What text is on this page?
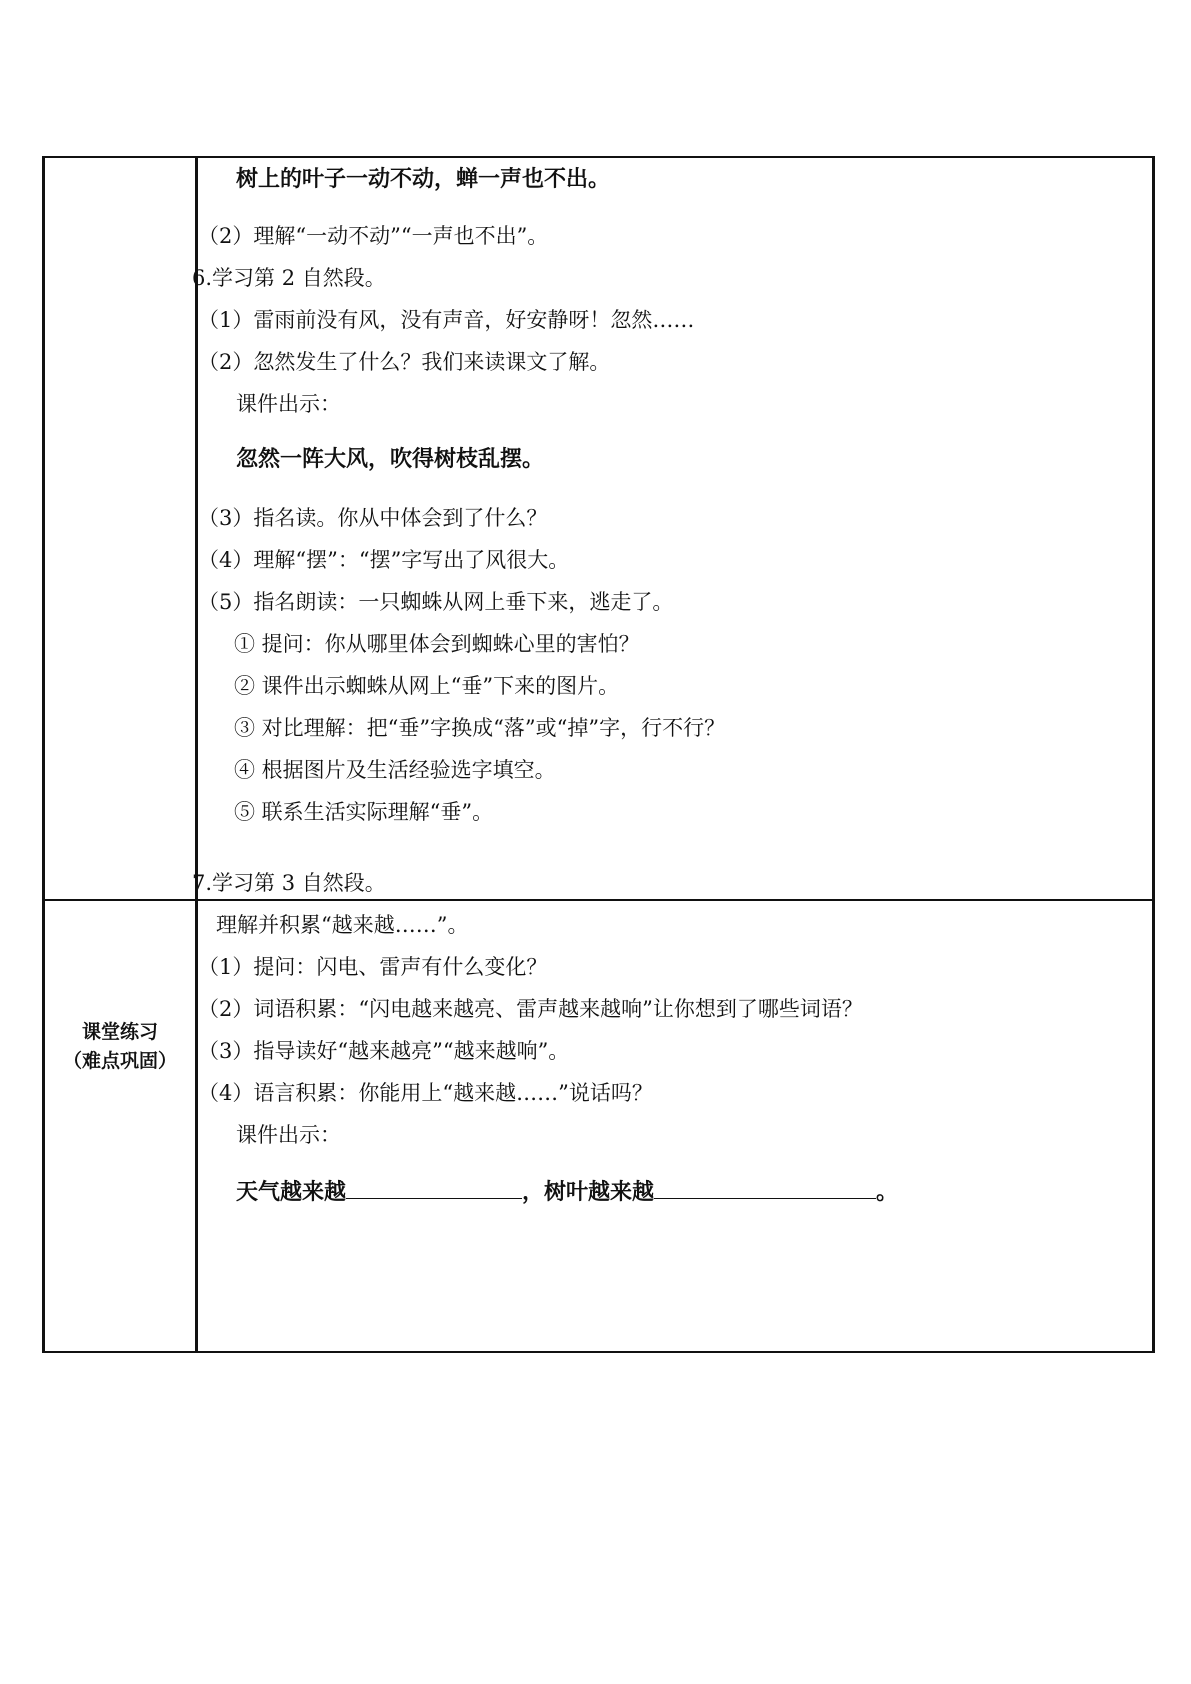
课堂练习
（难点巩固）
树上的叶子一动不动，蝉一声也不出。
（2）理解“一动不动”“一声也不出”。
6.学习第 2 自然段。
（1）雷雨前没有风，没有声音，好安静呀！忽然……
（2）忽然发生了什么？我们来读课文了解。
课件出示：
忽然一阵大风，吹得树枝乱摆。
（3）指名读。你从中体会到了什么？
（4）理解“摆”：“摆”字写出了风很大。
（5）指名朗读：一只蜘蛛从网上垂下来，逃走了。
① 提问：你从哪里体会到蜘蛛心里的害怕？
② 课件出示蜘蛛从网上“垂”下来的图片。
③ 对比理解：把“垂”字换成“落”或“掉”字，行不行？
④ 根据图片及生活经验选字填空。
⑤ 联系生活实际理解“垂”。
7.学习第 3 自然段。
理解并积累“越来越……”。
（1）提问：闪电、雷声有什么变化？
（2）词语积累：“闪电越来越亮、雷声越来越响”让你想到了哪些词语？
（3）指导读好“越来越亮”“越来越响”。
（4）语言积累：你能用上“越来越……”说话吗？
课件出示：
天气越来越	，树叶越来越	。
